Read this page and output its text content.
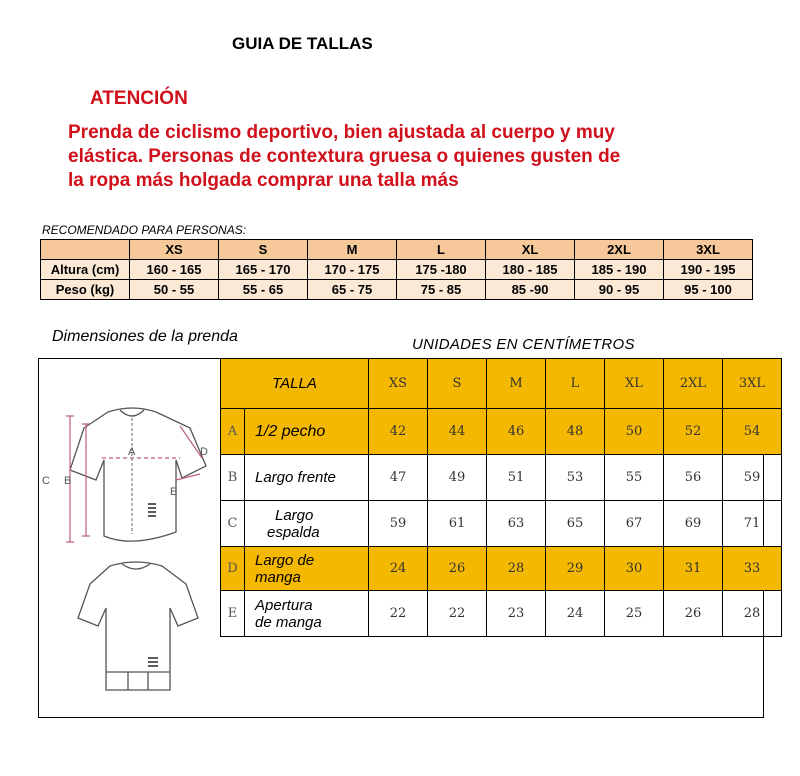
GUIA DE TALLAS
ATENCIÓN
Prenda de ciclismo deportivo, bien ajustada al cuerpo y muy
elástica. Personas de contextura gruesa o quienes gusten de
la ropa más holgada comprar una talla más
RECOMENDADO PARA PERSONAS:
	XS	S	M	L	XL	2XL	3XL
Altura (cm)	160 - 165	165 - 170	170 - 175	175 -180	180 - 185	185 - 190	190 - 195
Peso (kg)	50 - 55	55 - 65	65 - 75	75 - 85	85 -90	90 - 95	95 - 100
Dimensiones de la prenda	UNIDADES EN CENTÍMETROS
A
B
C
D
E
TALLA		XS	S	M	L	XL	2XL	3XL
A	1/2 pecho	42	44	46	48	50	52	54
B	Largo frente	47	49	51	53	55	56	59
C	Largo
espalda	59	61	63	65	67	69	71
D	Largo de
manga	24	26	28	29	30	31	33
E	Apertura
de manga	22	22	23	24	25	26	28
